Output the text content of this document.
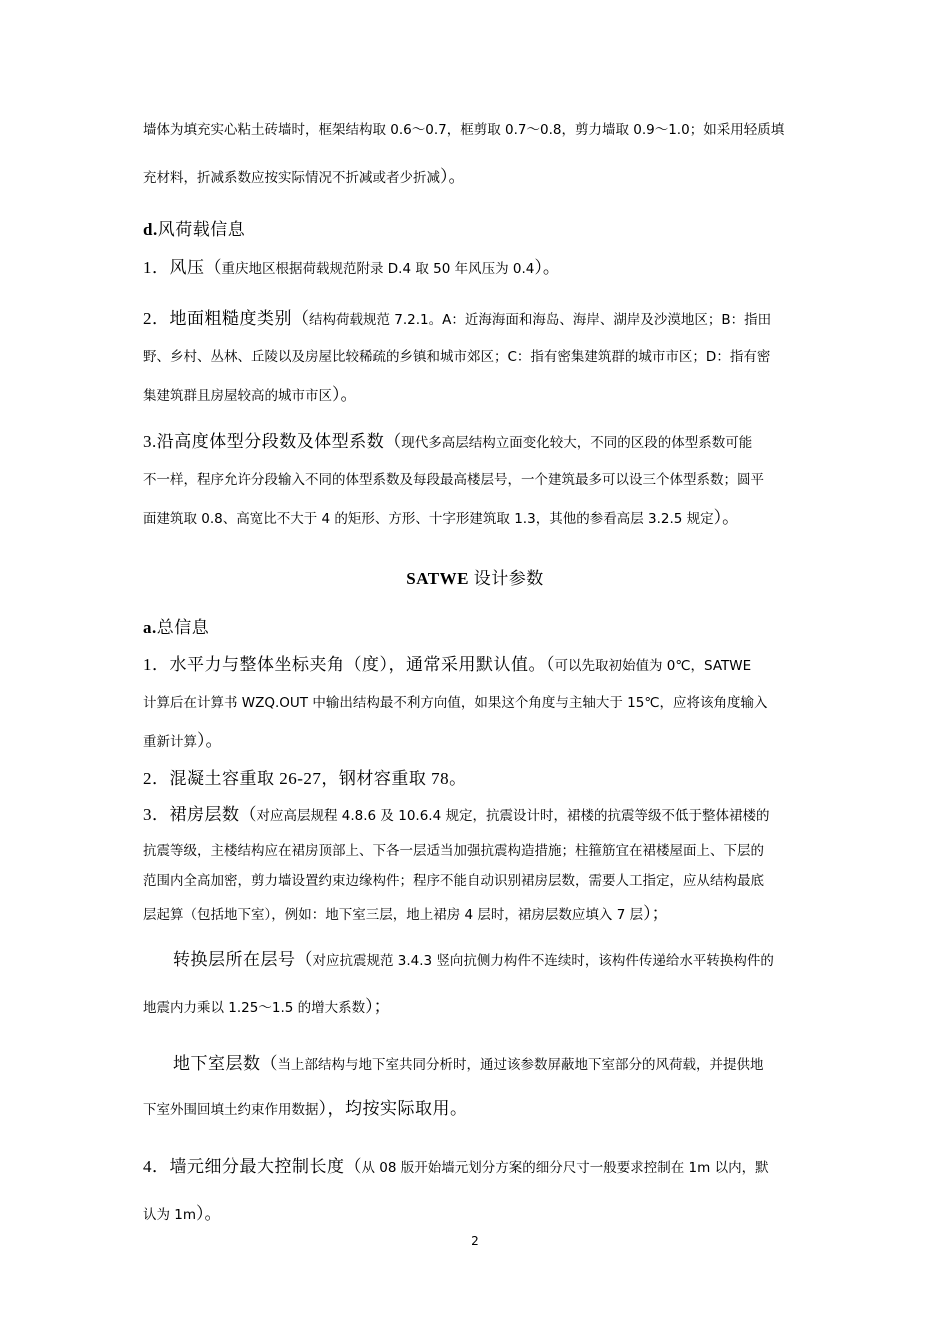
墙体为填充实心粘土砖墙时，框架结构取 0.6～0.7，框剪取 0.7～0.8，剪力墙取 0.9～1.0；如采用轻质填
充材料，折减系数应按实际情况不折减或者少折减）。
d.风荷载信息
1．风压（重庆地区根据荷载规范附录 D.4 取 50 年风压为 0.4）。
2．地面粗糙度类别（结构荷载规范 7.2.1。A：近海海面和海岛、海岸、湖岸及沙漠地区；B：指田
野、乡村、丛林、丘陵以及房屋比较稀疏的乡镇和城市郊区；C：指有密集建筑群的城市市区；D：指有密
集建筑群且房屋较高的城市市区）。
3.沿高度体型分段数及体型系数（现代多高层结构立面变化较大，不同的区段的体型系数可能
不一样，程序允许分段输入不同的体型系数及每段最高楼层号，一个建筑最多可以设三个体型系数；圆平
面建筑取 0.8、高宽比不大于 4 的矩形、方形、十字形建筑取 1.3，其他的参看高层 3.2.5 规定）。
SATWE 设计参数
a.总信息
1．水平力与整体坐标夹角（度），通常采用默认值。（可以先取初始值为 0℃，SATWE
计算后在计算书 WZQ.OUT 中输出结构最不利方向值，如果这个角度与主轴大于 15℃，应将该角度输入
重新计算）。
2．混凝土容重取 26-27，钢材容重取 78。
3．裙房层数（对应高层规程 4.8.6 及 10.6.4 规定，抗震设计时，裙楼的抗震等级不低于整体裙楼的
抗震等级，主楼结构应在裙房顶部上、下各一层适当加强抗震构造措施；柱箍筋宜在裙楼屋面上、下层的
范围内全高加密，剪力墙设置约束边缘构件；程序不能自动识别裙房层数，需要人工指定，应从结构最底
层起算（包括地下室），例如：地下室三层，地上裙房 4 层时，裙房层数应填入 7 层）；
转换层所在层号（对应抗震规范 3.4.3 竖向抗侧力构件不连续时，该构件传递给水平转换构件的
地震内力乘以 1.25～1.5 的增大系数）；
地下室层数（当上部结构与地下室共同分析时，通过该参数屏蔽地下室部分的风荷载，并提供地
下室外围回填土约束作用数据），均按实际取用。
4．墙元细分最大控制长度（从 08 版开始墙元划分方案的细分尺寸一般要求控制在 1m 以内，默
认为 1m）。
2
